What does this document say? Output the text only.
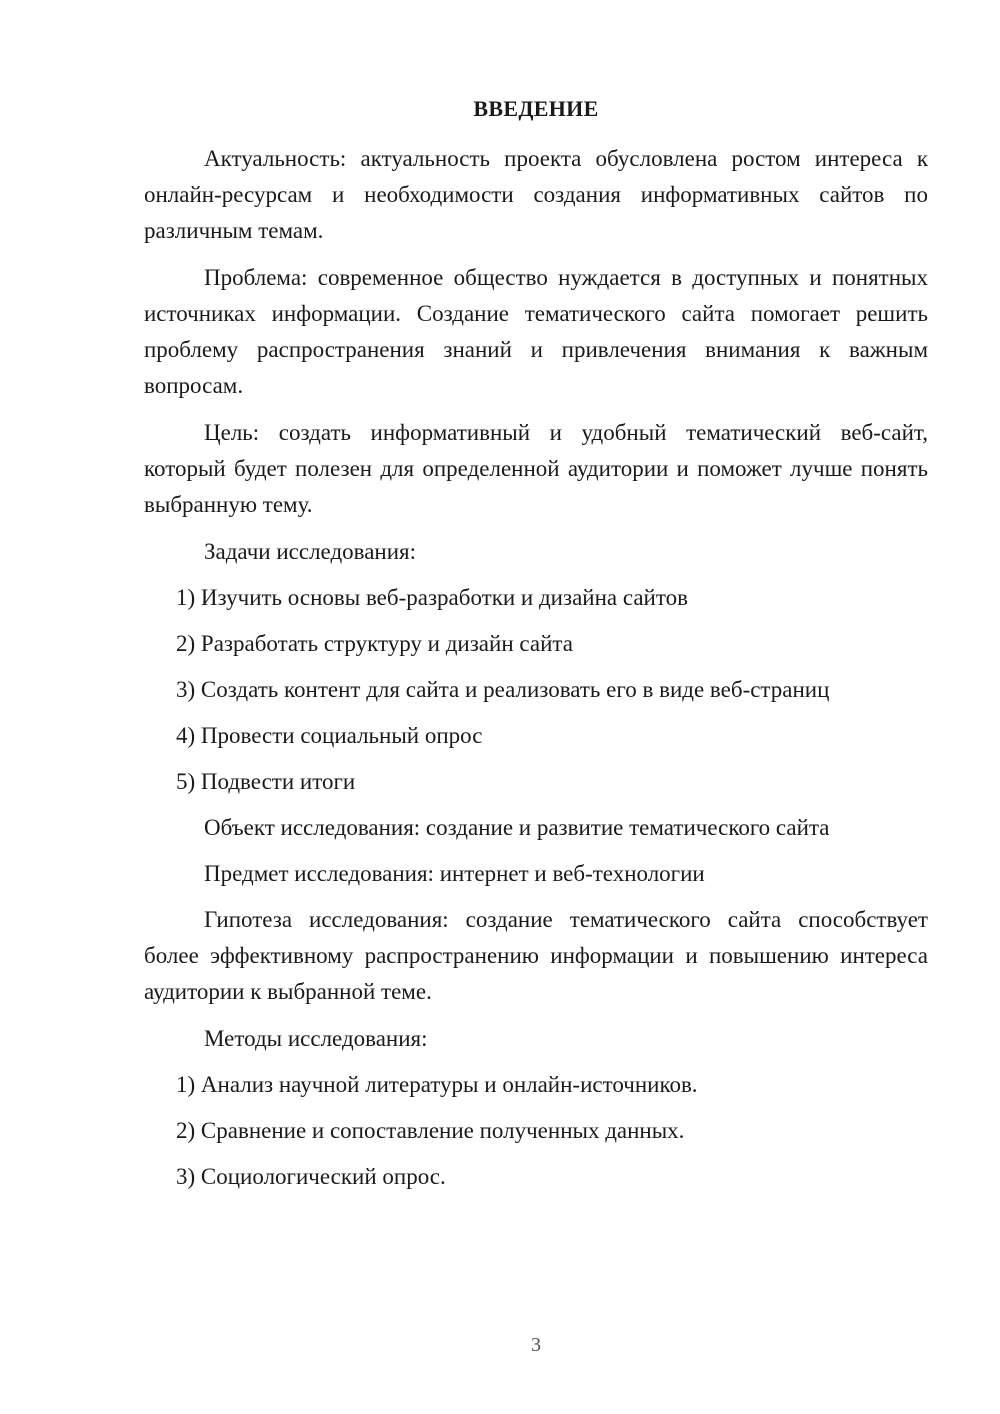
ВВЕДЕНИЕ

Актуальность: актуальность проекта обусловлена ростом интереса к онлайн-ресурсам и необходимости создания информативных сайтов по различным темам.

Проблема: современное общество нуждается в доступных и понятных источниках информации. Создание тематического сайта помогает решить проблему распространения знаний и привлечения внимания к важным вопросам.

Цель: создать информативный и удобный тематический веб-сайт, который будет полезен для определенной аудитории и поможет лучше понять выбранную тему.

Задачи исследования:

1) Изучить основы веб-разработки и дизайна сайтов
2) Разработать структуру и дизайн сайта
3) Создать контент для сайта и реализовать его в виде веб-страниц
4) Провести социальный опрос
5) Подвести итоги

Объект исследования: создание и развитие тематического сайта

Предмет исследования: интернет и веб-технологии

Гипотеза исследования: создание тематического сайта способствует более эффективному распространению информации и повышению интереса аудитории к выбранной теме.

Методы исследования:

1) Анализ научной литературы и онлайн-источников.
2) Сравнение и сопоставление полученных данных.
3) Социологический опрос.
3
